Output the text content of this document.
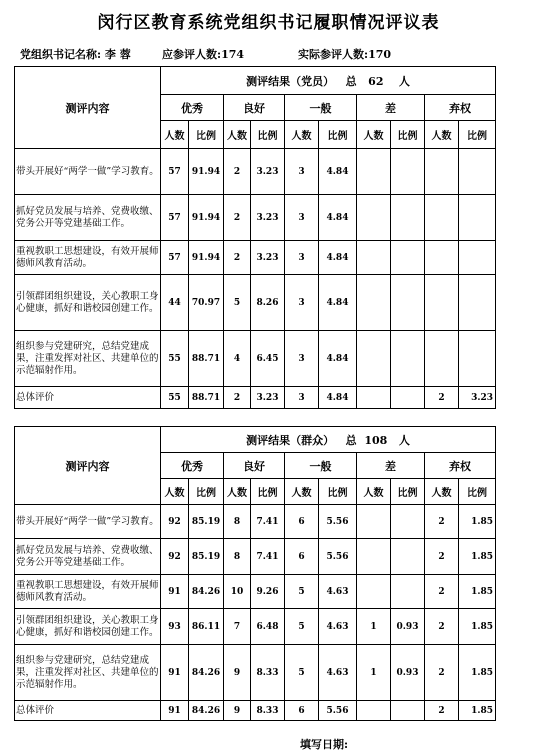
闵行区教育系统党组织书记履职情况评议表
党组织书记名称: 李 蓉	应参评人数:174	实际参评人数:170
测评内容	测评结果（党员） 总 62 人									
	优秀		良好		一般		差		弃权	
	人数	比例	人数	比例	人数	比例	人数	比例	人数	比例
带头开展好“两学一做”学习教育。	57	91.94	2	3.23	3	4.84				
抓好党员发展与培养、党费收缴、党务公开等党建基础工作。	57	91.94	2	3.23	3	4.84				
重视教职工思想建设，有效开展师德师风教育活动。	57	91.94	2	3.23	3	4.84				
引领群团组织建设，关心教职工身心健康，抓好和谐校园创建工作。	44	70.97	5	8.26	3	4.84				
组织参与党建研究，总结党建成果，注重发挥对社区、共建单位的示范辐射作用。	55	88.71	4	6.45	3	4.84				
总体评价	55	88.71	2	3.23	3	4.84			2	3.23
测评内容	测评结果（群众） 总 108 人									
	优秀		良好		一般		差		弃权	
	人数	比例	人数	比例	人数	比例	人数	比例	人数	比例
带头开展好“两学一做”学习教育。	92	85.19	8	7.41	6	5.56			2	1.85
抓好党员发展与培养、党费收缴、党务公开等党建基础工作。	92	85.19	8	7.41	6	5.56			2	1.85
重视教职工思想建设，有效开展师德师风教育活动。	91	84.26	10	9.26	5	4.63			2	1.85
引领群团组织建设，关心教职工身心健康，抓好和谐校园创建工作。	93	86.11	7	6.48	5	4.63	1	0.93	2	1.85
组织参与党建研究，总结党建成果，注重发挥对社区、共建单位的示范辐射作用。	91	84.26	9	8.33	5	4.63	1	0.93	2	1.85
总体评价	91	84.26	9	8.33	6	5.56			2	1.85
填写日期:
